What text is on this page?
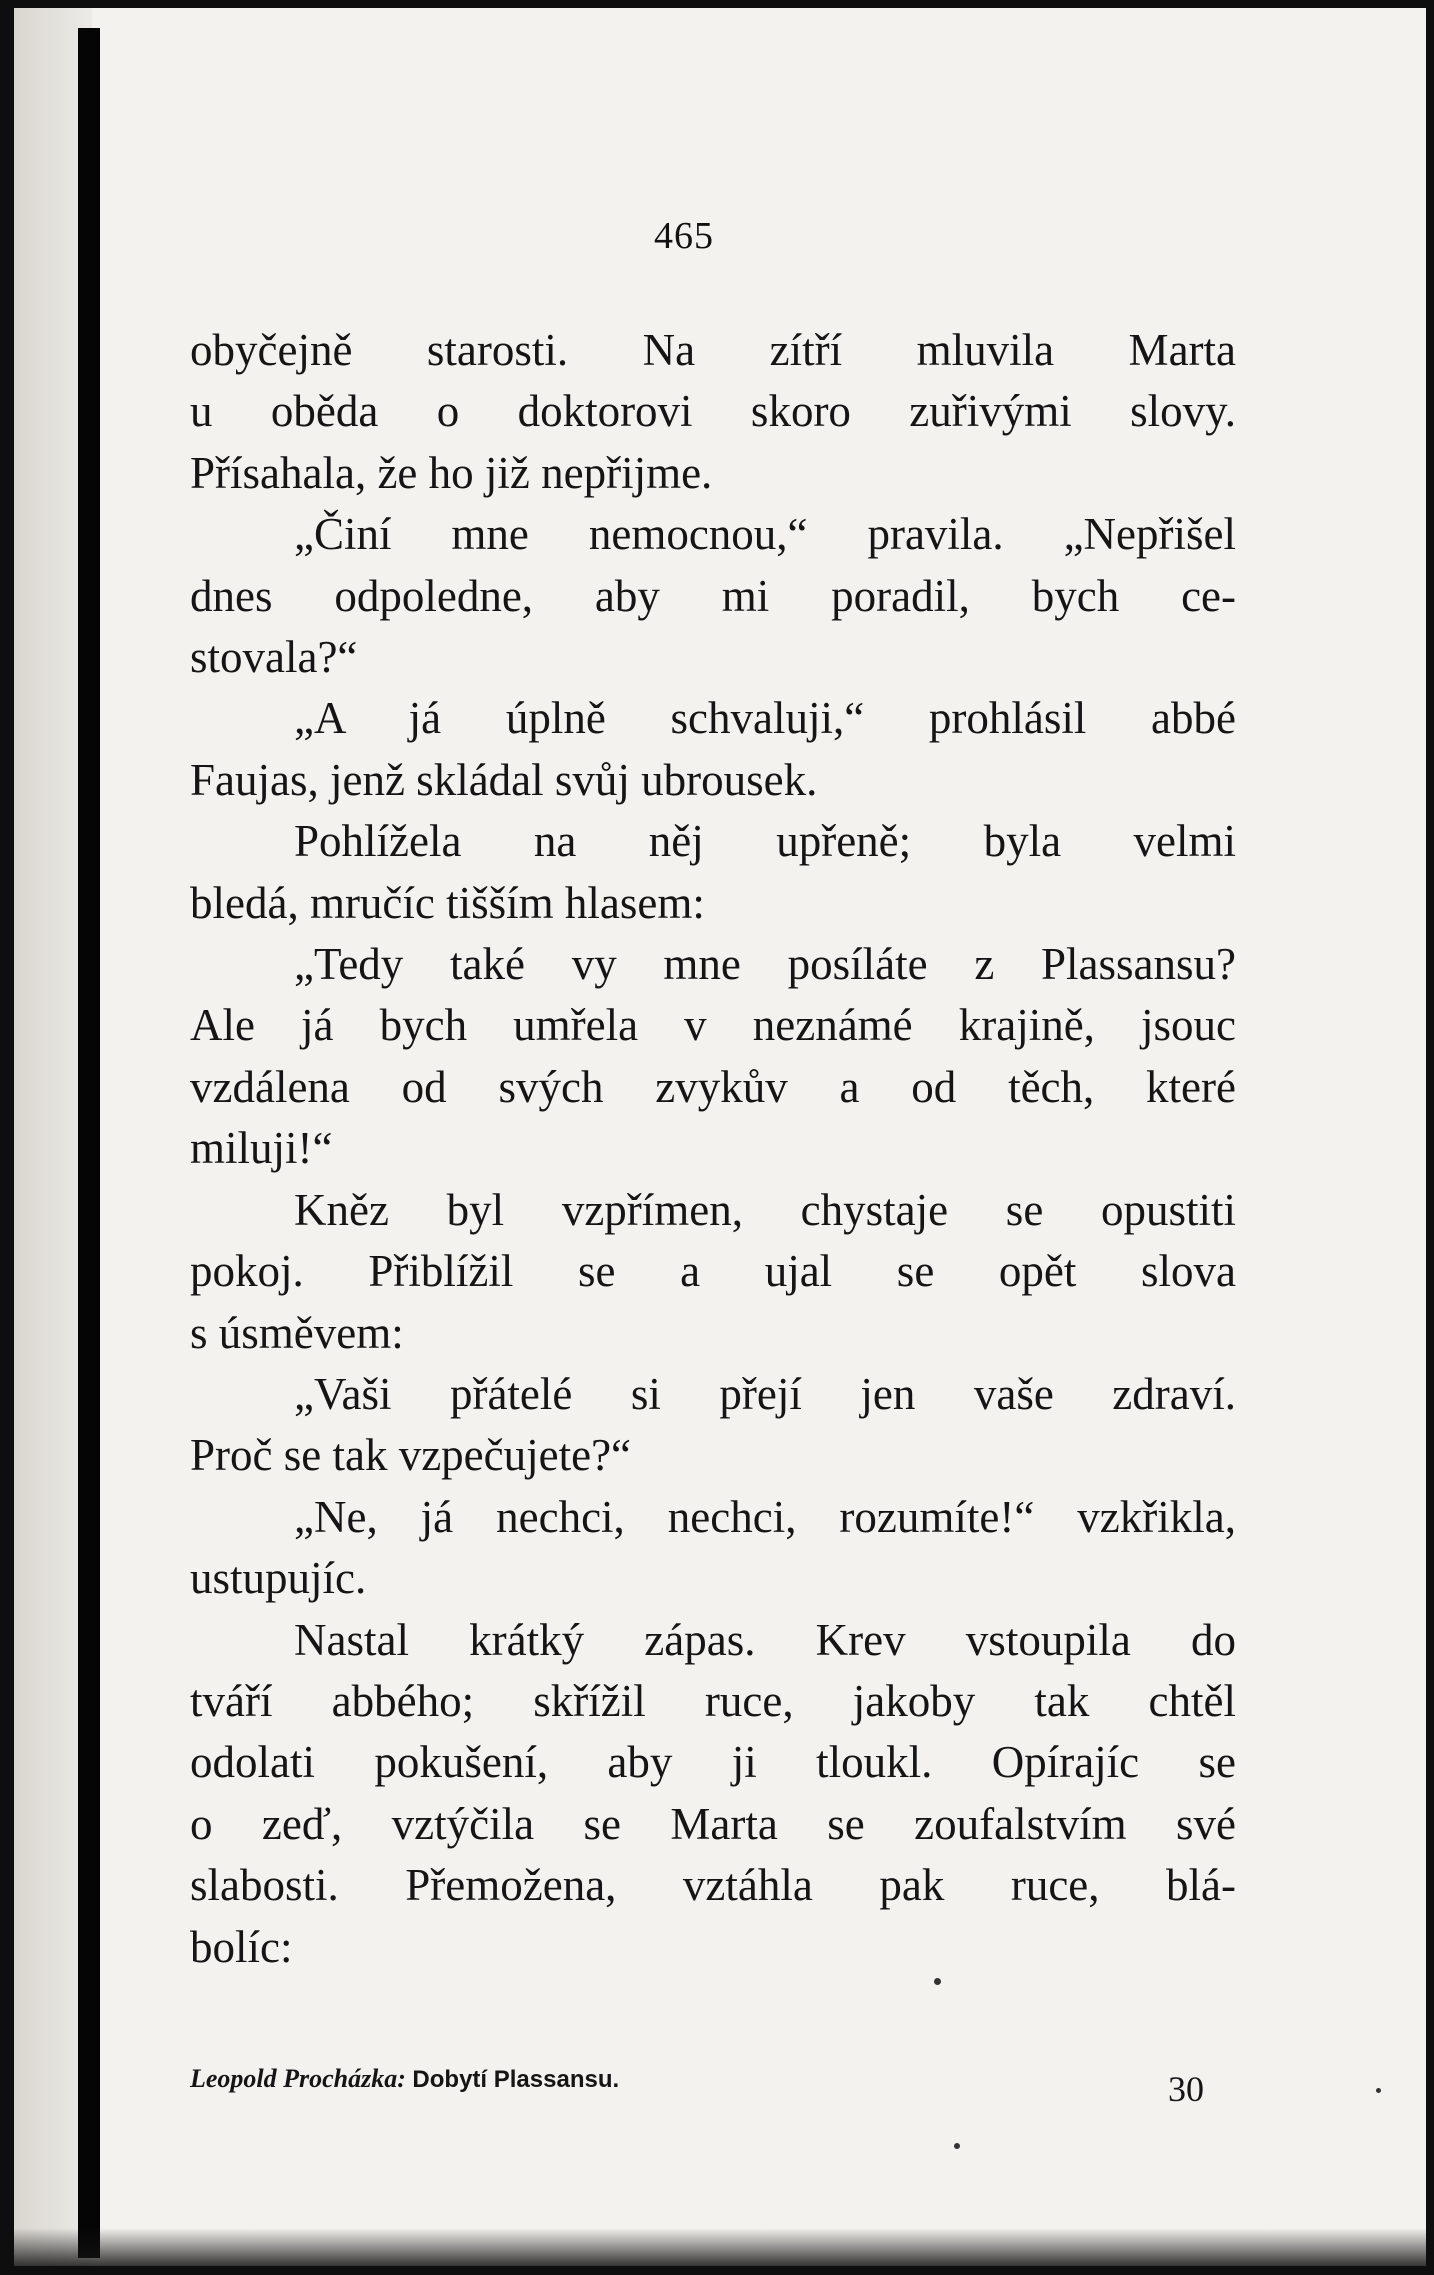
465
obyčejně starosti. Na zítří mluvila Marta
u oběda o doktorovi skoro zuřivými slovy.
Přísahala, že ho již nepřijme.
„Činí mne nemocnou,“ pravila. „Nepřišel
dnes odpoledne, aby mi poradil, bych ce-
stovala?“
„A já úplně schvaluji,“ prohlásil abbé
Faujas, jenž skládal svůj ubrousek.
Pohlížela na něj upřeně; byla velmi
bledá, mručíc tišším hlasem:
„Tedy také vy mne posíláte z Plassansu?
Ale já bych umřela v neznámé krajině, jsouc
vzdálena od svých zvykův a od těch, které
miluji!“
Kněz byl vzpřímen, chystaje se opustiti
pokoj. Přiblížil se a ujal se opět slova
s úsměvem:
„Vaši přátelé si přejí jen vaše zdraví.
Proč se tak vzpečujete?“
„Ne, já nechci, nechci, rozumíte!“ vzkřikla,
ustupujíc.
Nastal krátký zápas. Krev vstoupila do
tváří abbého; skřížil ruce, jakoby tak chtěl
odolati pokušení, aby ji tloukl. Opírajíc se
o zeď, vztýčila se Marta se zoufalstvím své
slabosti. Přemožena, vztáhla pak ruce, blá-
bolíc:
Leopold Procházka: Dobytí Plassansu.	30
